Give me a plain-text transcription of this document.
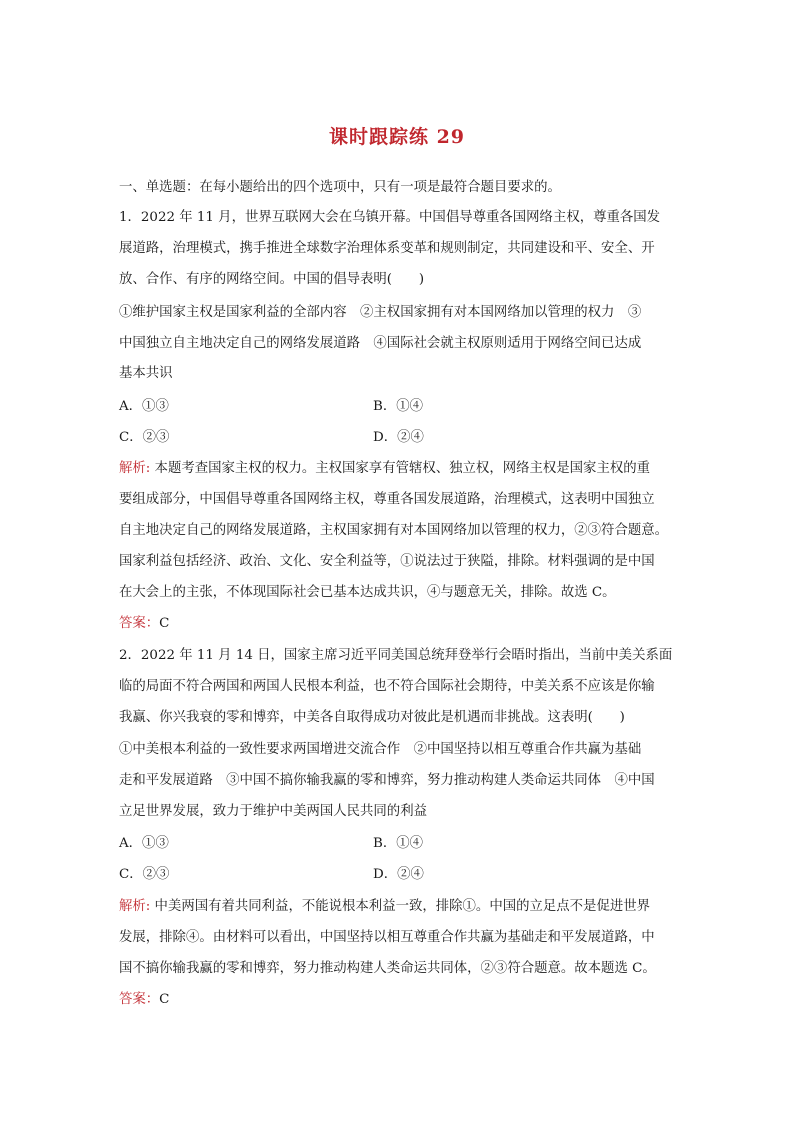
课时跟踪练 29
一、单选题：在每小题给出的四个选项中，只有一项是最符合题目要求的。
1．2022 年 11 月，世界互联网大会在乌镇开幕。中国倡导尊重各国网络主权，尊重各国发
展道路，治理模式，携手推进全球数字治理体系变革和规则制定，共同建设和平、安全、开
放、合作、有序的网络空间。中国的倡导表明(　　)
①维护国家主权是国家利益的全部内容　②主权国家拥有对本国网络加以管理的权力　③
中国独立自主地决定自己的网络发展道路　④国际社会就主权原则适用于网络空间已达成
基本共识
A．①③	B．①④
C．②③	D．②④
解析: 本题考查国家主权的权力。主权国家享有管辖权、独立权，网络主权是国家主权的重
要组成部分，中国倡导尊重各国网络主权，尊重各国发展道路，治理模式，这表明中国独立
自主地决定自己的网络发展道路，主权国家拥有对本国网络加以管理的权力，②③符合题意。
国家利益包括经济、政治、文化、安全利益等，①说法过于狭隘，排除。材料强调的是中国
在大会上的主张，不体现国际社会已基本达成共识，④与题意无关，排除。故选 C。
答案：C
2．2022 年 11 月 14 日，国家主席习近平同美国总统拜登举行会晤时指出，当前中美关系面
临的局面不符合两国和两国人民根本利益，也不符合国际社会期待，中美关系不应该是你输
我赢、你兴我衰的零和博弈，中美各自取得成功对彼此是机遇而非挑战。这表明(　　)
①中美根本利益的一致性要求两国增进交流合作　②中国坚持以相互尊重合作共赢为基础
走和平发展道路　③中国不搞你输我赢的零和博弈，努力推动构建人类命运共同体　④中国
立足世界发展，致力于维护中美两国人民共同的利益
A．①③	B．①④
C．②③	D．②④
解析: 中美两国有着共同利益，不能说根本利益一致，排除①。中国的立足点不是促进世界
发展，排除④。由材料可以看出，中国坚持以相互尊重合作共赢为基础走和平发展道路，中
国不搞你输我赢的零和博弈，努力推动构建人类命运共同体，②③符合题意。故本题选 C。
答案：C
